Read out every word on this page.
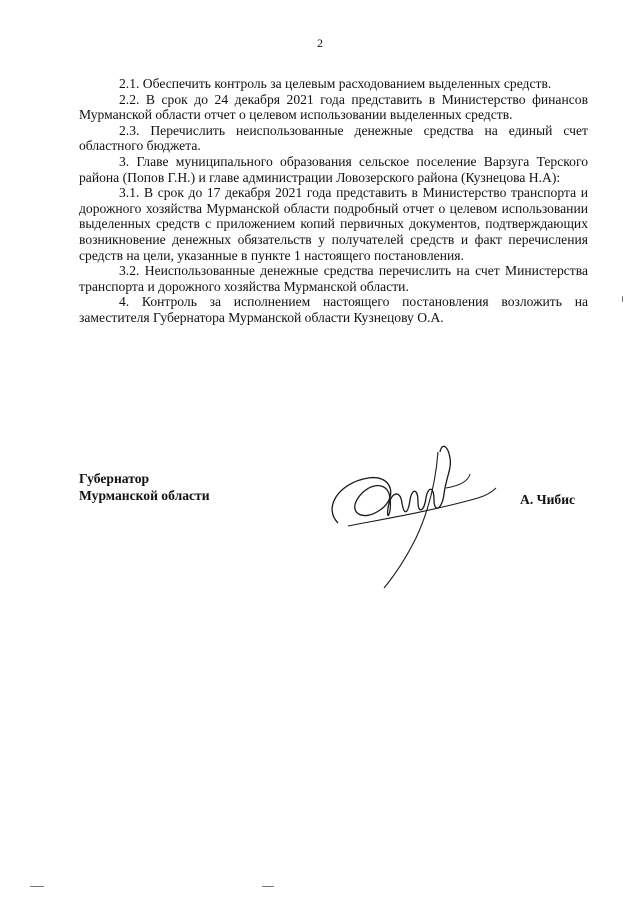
2

2.1. Обеспечить контроль за целевым расходованием выделенных средств.

2.2. В срок до 24 декабря 2021 года представить в Министерство финансов Мурманской области отчет о целевом использовании выделенных средств.

2.3. Перечислить неиспользованные денежные средства на единый счет областного бюджета.

3. Главе муниципального образования сельское поселение Варзуга Терского района (Попов Г.Н.) и главе администрации Ловозерского района (Кузнецова Н.А):

3.1. В срок до 17 декабря 2021 года представить в Министерство транспорта и дорожного хозяйства Мурманской области подробный отчет о целевом использовании выделенных средств с приложением копий первичных документов, подтверждающих возникновение денежных обязательств у получателей средств и факт перечисления средств на цели, указанные в пункте 1 настоящего постановления.

3.2. Неиспользованные денежные средства перечислить на счет Министерства транспорта и дорожного хозяйства Мурманской области.

4. Контроль за исполнением настоящего постановления возложить на заместителя Губернатора Мурманской области Кузнецову О.А.

Губернатор
Мурманской области	А. Чибис
